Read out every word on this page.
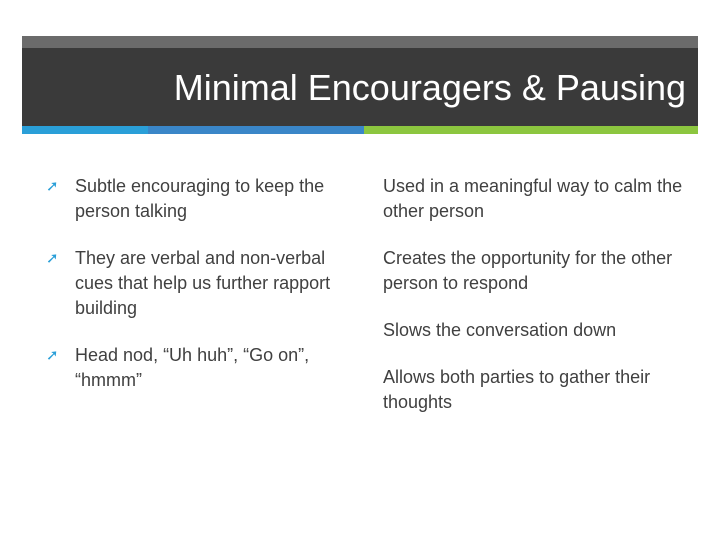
Minimal Encouragers & Pausing
➚ Subtle encouraging to keep the person talking
➚ They are verbal and non-verbal cues that help us further rapport building
➚ Head nod, “Uh huh”, “Go on”, “hmmm”
Used in a meaningful way to calm the other person
Creates the opportunity for the other person to respond
Slows the conversation down
Allows both parties to gather their thoughts
